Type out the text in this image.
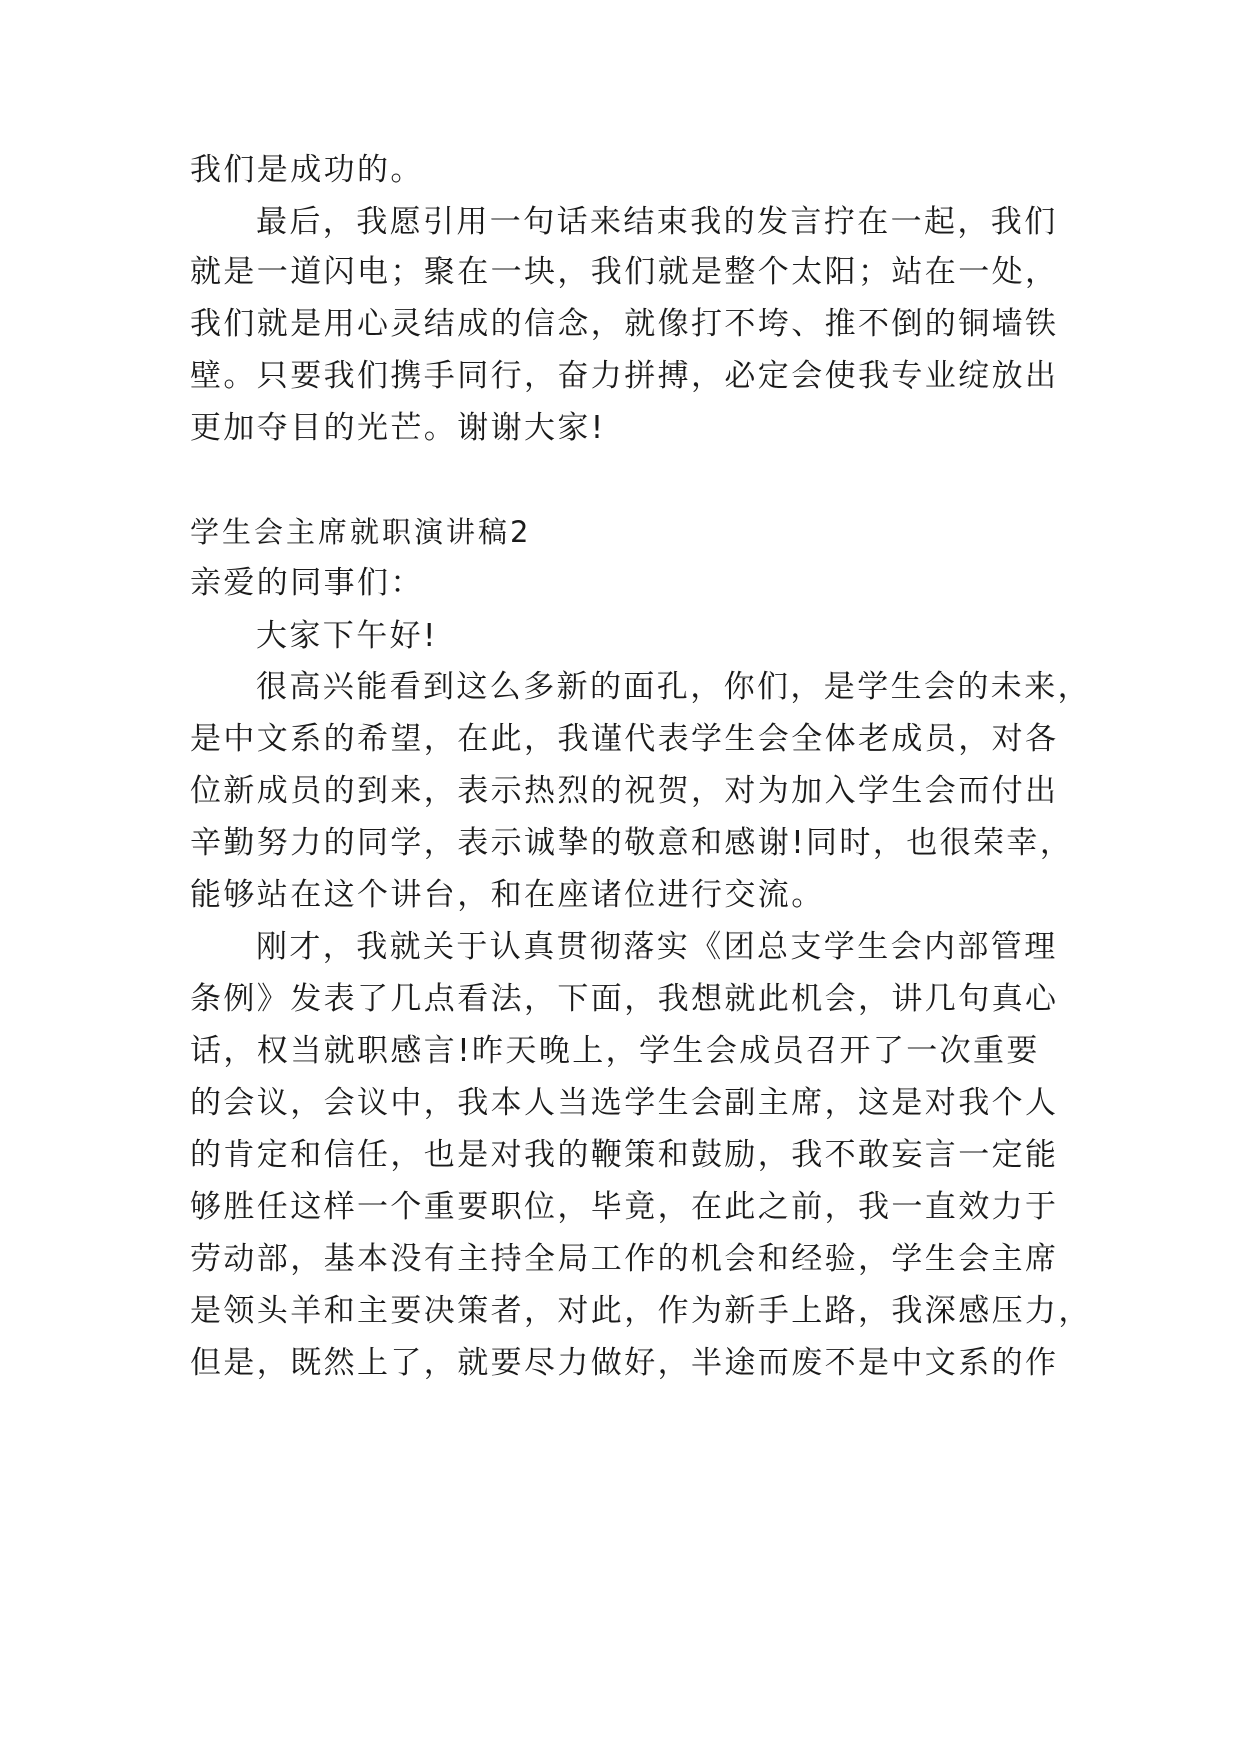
我们是成功的。
最后，我愿引用一句话来结束我的发言拧在一起，我们
就是一道闪电；聚在一块，我们就是整个太阳；站在一处，
我们就是用心灵结成的信念，就像打不垮、推不倒的铜墙铁
壁。只要我们携手同行，奋力拼搏，必定会使我专业绽放出
更加夺目的光芒。谢谢大家!
学生会主席就职演讲稿2
亲爱的同事们：
大家下午好!
很高兴能看到这么多新的面孔，你们，是学生会的未来，
是中文系的希望，在此，我谨代表学生会全体老成员，对各
位新成员的到来，表示热烈的祝贺，对为加入学生会而付出
辛勤努力的同学，表示诚挚的敬意和感谢!同时，也很荣幸，
能够站在这个讲台，和在座诸位进行交流。
刚才，我就关于认真贯彻落实《团总支学生会内部管理
条例》发表了几点看法，下面，我想就此机会，讲几句真心
话，权当就职感言!昨天晚上，学生会成员召开了一次重要
的会议，会议中，我本人当选学生会副主席，这是对我个人
的肯定和信任，也是对我的鞭策和鼓励，我不敢妄言一定能
够胜任这样一个重要职位，毕竟，在此之前，我一直效力于
劳动部，基本没有主持全局工作的机会和经验，学生会主席
是领头羊和主要决策者，对此，作为新手上路，我深感压力，
但是，既然上了，就要尽力做好，半途而废不是中文系的作
